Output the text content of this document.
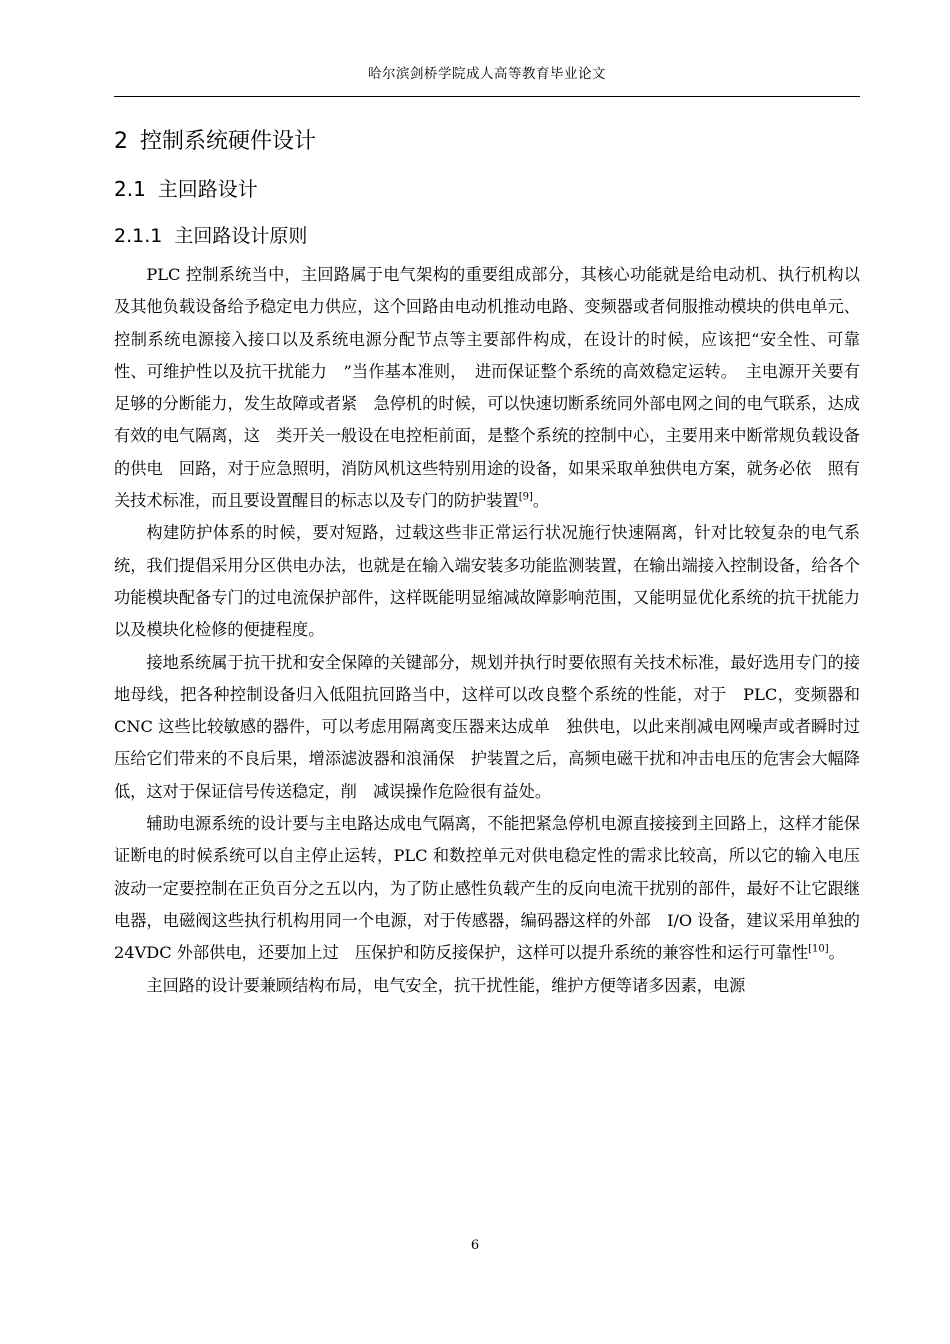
哈尔滨剑桥学院成人高等教育毕业论文
2 控制系统硬件设计
2.1 主回路设计
2.1.1 主回路设计原则

PLC 控制系统当中，主回路属于电气架构的重要组成部分，其核心功能就是给电动机、执行机构以及其他负载设备给予稳定电力供应，这个回路由电动机推动电路、变频器或者伺服推动模块的供电单元、控制系统电源接入接口以及系统电源分配节点等主要部件构成，在设计的时候，应该把“安全性、可靠性、可维护性以及抗干扰能力　”当作基本准则，　进而保证整个系统的高效稳定运转。　主电源开关要有足够的分断能力，发生故障或者紧　急停机的时候，可以快速切断系统同外部电网之间的电气联系，达成有效的电气隔离，这　类开关一般设在电控柜前面，是整个系统的控制中心，主要用来中断常规负载设备的供电　回路，对于应急照明，消防风机这些特别用途的设备，如果采取单独供电方案，就务必依　照有关技术标准，而且要设置醒目的标志以及专门的防护装置[9]。

构建防护体系的时候，要对短路，过载这些非正常运行状况施行快速隔离，针对比较复杂的电气系统，我们提倡采用分区供电办法，也就是在输入端安装多功能监测装置，在输出端接入控制设备，给各个功能模块配备专门的过电流保护部件，这样既能明显缩减故障影响范围，又能明显优化系统的抗干扰能力以及模块化检修的便捷程度。

接地系统属于抗干扰和安全保障的关键部分，规划并执行时要依照有关技术标准，最好选用专门的接地母线，把各种控制设备归入低阻抗回路当中，这样可以改良整个系统的性能，对于　PLC，变频器和 CNC 这些比较敏感的器件，可以考虑用隔离变压器来达成单　独供电，以此来削减电网噪声或者瞬时过压给它们带来的不良后果，增添滤波器和浪涌保　护装置之后，高频电磁干扰和冲击电压的危害会大幅降低，这对于保证信号传送稳定，削　减误操作危险很有益处。

辅助电源系统的设计要与主电路达成电气隔离，不能把紧急停机电源直接接到主回路上，这样才能保证断电的时候系统可以自主停止运转，PLC 和数控单元对供电稳定性的需求比较高，所以它的输入电压波动一定要控制在正负百分之五以内，为了防止感性负载产生的反向电流干扰别的部件，最好不让它跟继电器，电磁阀这些执行机构用同一个电源，对于传感器，编码器这样的外部　I/O 设备，建议采用单独的　24VDC 外部供电，还要加上过　压保护和防反接保护，这样可以提升系统的兼容性和运行可靠性[10]。

主回路的设计要兼顾结构布局，电气安全，抗干扰性能，维护方便等诸多因素，电源

6
